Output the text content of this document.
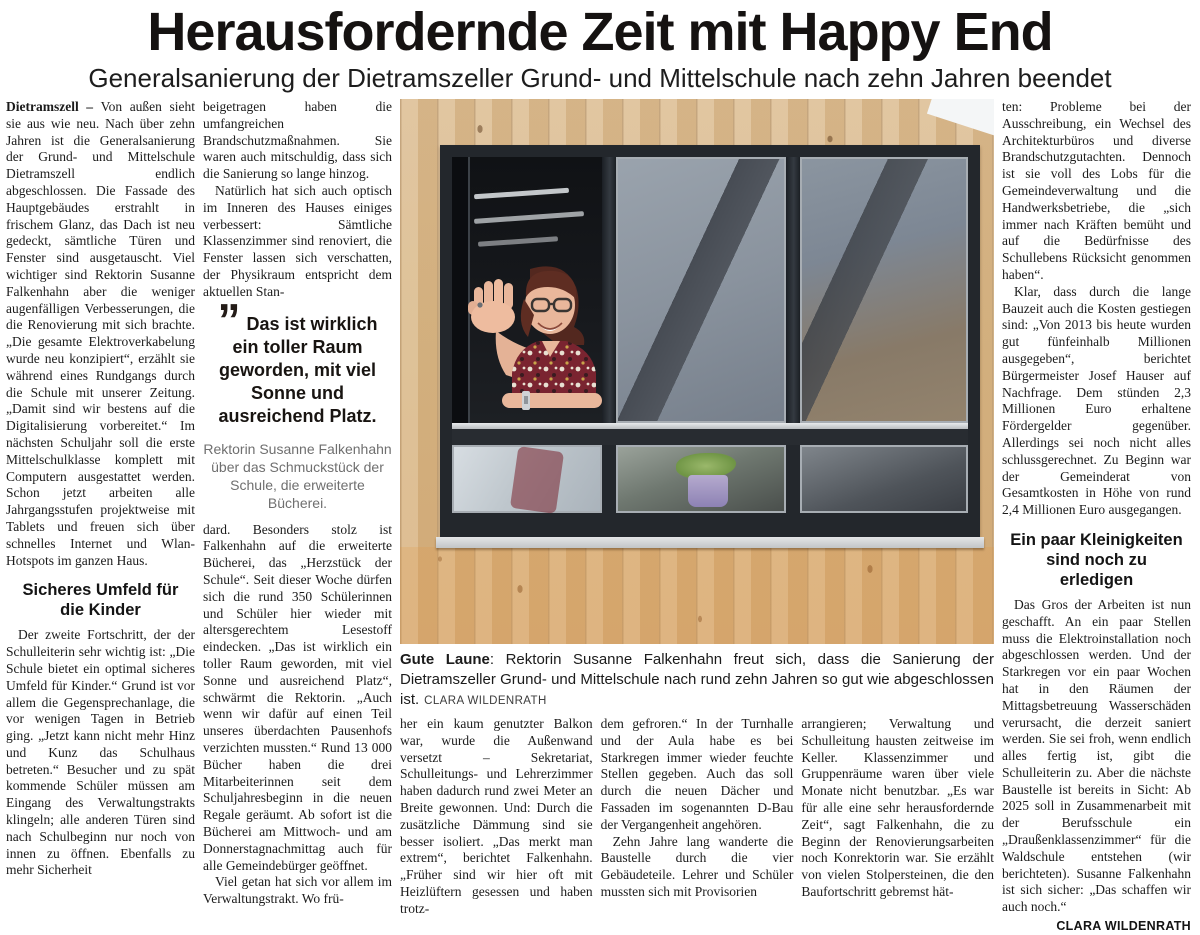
Herausfordernde Zeit mit Happy End
Generalsanierung der Dietramszeller Grund- und Mittelschule nach zehn Jahren beendet

Dietramszell – Von außen sieht sie aus wie neu. Nach über zehn Jahren ist die Generalsanierung der Grund- und Mittelschule Dietramszell endlich abgeschlossen. Die Fassade des Hauptgebäudes erstrahlt in frischem Glanz, das Dach ist neu gedeckt, sämtliche Türen und Fenster sind ausgetauscht. Viel wichtiger sind Rektorin Susanne Falkenhahn aber die weniger augenfälligen Verbesserungen, die die Renovierung mit sich brachte. „Die gesamte Elektroverkabelung wurde neu konzipiert“, erzählt sie während eines Rundgangs durch die Schule mit unserer Zeitung. „Damit sind wir bestens auf die Digitalisierung vorbereitet.“ Im nächsten Schuljahr soll die erste Mittelschulklasse komplett mit Computern ausgestattet werden. Schon jetzt arbeiten alle Jahrgangsstufen projektweise mit Tablets und freuen sich über schnelles Internet und Wlan-Hotspots im ganzen Haus.

Sicheres Umfeld für die Kinder

Der zweite Fortschritt, der der Schulleiterin sehr wichtig ist: „Die Schule bietet ein optimal sicheres Umfeld für Kinder.“ Grund ist vor allem die Gegensprechanlage, die vor wenigen Tagen in Betrieb ging. „Jetzt kann nicht mehr Hinz und Kunz das Schulhaus betreten.“ Besucher und zu spät kommende Schüler müssen am Eingang des Verwaltungstrakts klingeln; alle anderen Türen sind nach Schulbeginn nur noch von innen zu öffnen. Ebenfalls zu mehr Sicherheit

beigetragen haben die umfangreichen Brandschutzmaßnahmen. Sie waren auch mitschuldig, dass sich die Sanierung so lange hinzog.

Natürlich hat sich auch optisch im Inneren des Hauses einiges verbessert: Sämtliche Klassenzimmer sind renoviert, die Fenster lassen sich verschatten, der Physikraum entspricht dem aktuellen Stan-

” Das ist wirklich ein toller Raum geworden, mit viel Sonne und ausreichend Platz.
Rektorin Susanne Falkenhahn über das Schmuckstück der Schule, die erweiterte Bücherei.

dard. Besonders stolz ist Falkenhahn auf die erweiterte Bücherei, das „Herzstück der Schule“. Seit dieser Woche dürfen sich die rund 350 Schülerinnen und Schüler hier wieder mit altersgerechtem Lesestoff eindecken. „Das ist wirklich ein toller Raum geworden, mit viel Sonne und ausreichend Platz“, schwärmt die Rektorin. „Auch wenn wir dafür auf einen Teil unseres überdachten Pausenhofs verzichten mussten.“ Rund 13 000 Bücher haben die drei Mitarbeiterinnen seit dem Schuljahresbeginn in die neuen Regale geräumt. Ab sofort ist die Bücherei am Mittwoch- und am Donnerstagnachmittag auch für alle Gemeindebürger geöffnet.

Viel getan hat sich vor allem im Verwaltungstrakt. Wo frü-

Gute Laune: Rektorin Susanne Falkenhahn freut sich, dass die Sanierung der Dietramszeller Grund- und Mittelschule nach rund zehn Jahren so gut wie abgeschlossen ist. CLARA WILDENRATH

her ein kaum genutzter Balkon war, wurde die Außenwand versetzt – Sekretariat, Schulleitungs- und Lehrerzimmer haben dadurch rund zwei Meter an Breite gewonnen. Und: Durch die zusätzliche Dämmung sind sie besser isoliert. „Das merkt man extrem“, berichtet Falkenhahn. „Früher sind wir hier oft mit Heizlüftern gesessen und haben trotz-

dem gefroren.“ In der Turnhalle und der Aula habe es bei Starkregen immer wieder feuchte Stellen gegeben. Auch das soll durch die neuen Dächer und Fassaden im sogenannten D-Bau der Vergangenheit angehören.

Zehn Jahre lang wanderte die Baustelle durch die vier Gebäudeteile. Lehrer und Schüler mussten sich mit Provisorien

arrangieren; Verwaltung und Schulleitung hausten zeitweise im Keller. Klassenzimmer und Gruppenräume waren über viele Monate nicht benutzbar. „Es war für alle eine sehr herausfordernde Zeit“, sagt Falkenhahn, die zu Beginn der Renovierungsarbeiten noch Konrektorin war. Sie erzählt von vielen Stolpersteinen, die den Baufortschritt gebremst hät-

ten: Probleme bei der Ausschreibung, ein Wechsel des Architekturbüros und diverse Brandschutzgutachten. Dennoch ist sie voll des Lobs für die Gemeindeverwaltung und die Handwerksbetriebe, die „sich immer nach Kräften bemüht und auf die Bedürfnisse des Schullebens Rücksicht genommen haben“.

Klar, dass durch die lange Bauzeit auch die Kosten gestiegen sind: „Von 2013 bis heute wurden gut fünfeinhalb Millionen ausgegeben“, berichtet Bürgermeister Josef Hauser auf Nachfrage. Dem stünden 2,3 Millionen Euro erhaltene Fördergelder gegenüber. Allerdings sei noch nicht alles schlussgerechnet. Zu Beginn war der Gemeinderat von Gesamtkosten in Höhe von rund 2,4 Millionen Euro ausgegangen.

Ein paar Kleinigkeiten sind noch zu erledigen

Das Gros der Arbeiten ist nun geschafft. An ein paar Stellen muss die Elektroinstallation noch abgeschlossen werden. Und der Starkregen vor ein paar Wochen hat in den Räumen der Mittagsbetreuung Wasserschäden verursacht, die derzeit saniert werden. Sie sei froh, wenn endlich alles fertig ist, gibt die Schulleiterin zu. Aber die nächste Baustelle ist bereits in Sicht: Ab 2025 soll in Zusammenarbeit mit der Berufsschule ein „Draußenklassenzimmer“ für die Waldschule entstehen (wir berichteten). Susanne Falkenhahn ist sich sicher: „Das schaffen wir auch noch.“
CLARA WILDENRATH
